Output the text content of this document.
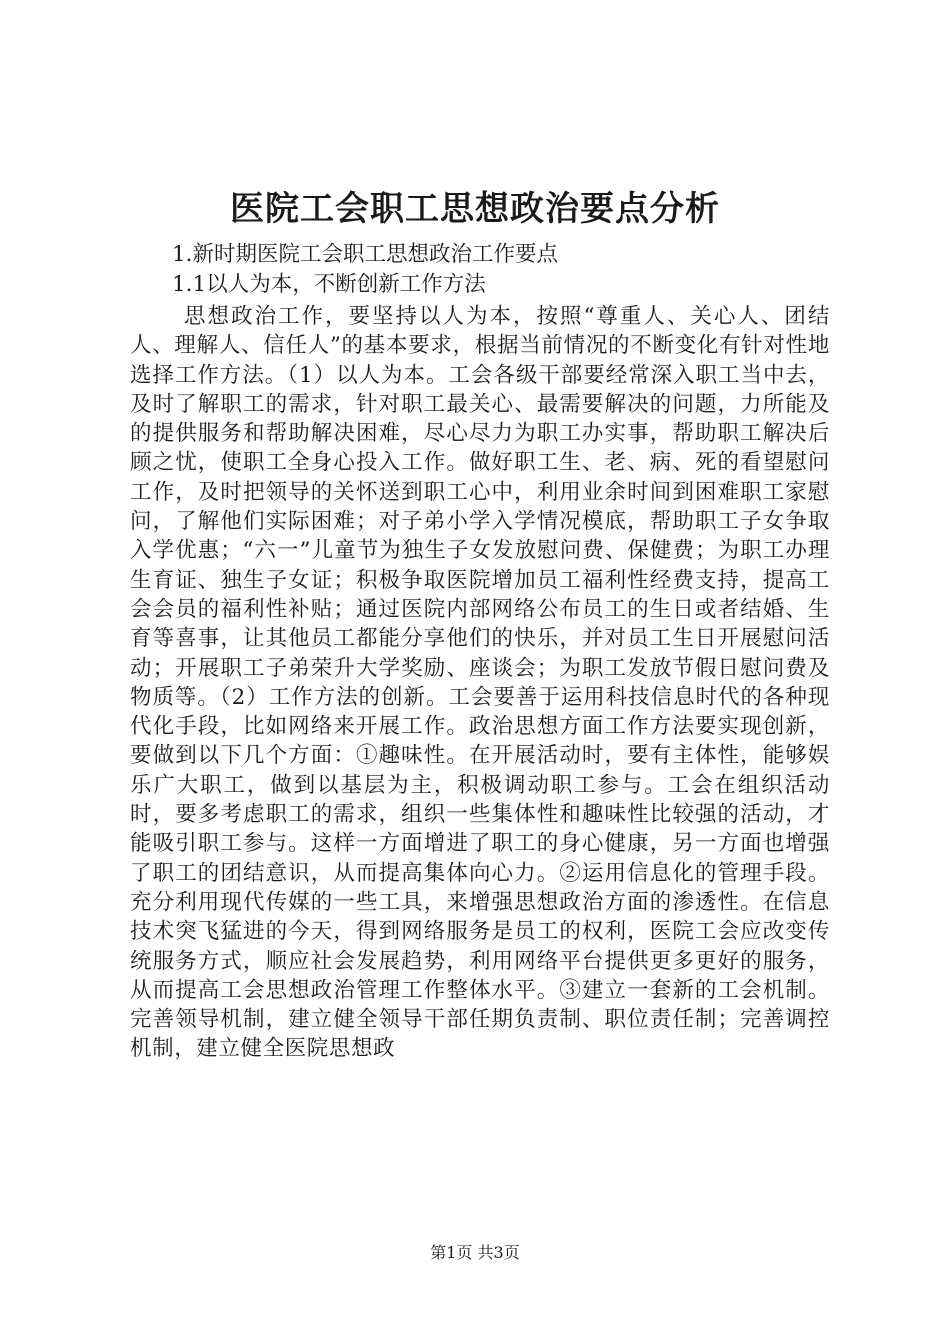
医院工会职工思想政治要点分析
1.新时期医院工会职工思想政治工作要点
1.1以人为本，不断创新工作方法
思想政治工作，要坚持以人为本，按照“尊重人、关心人、团结人、理解人、信任人”的基本要求，根据当前情况的不断变化有针对性地选择工作方法。（1）以人为本。工会各级干部要经常深入职工当中去，及时了解职工的需求，针对职工最关心、最需要解决的问题，力所能及的提供服务和帮助解决困难，尽心尽力为职工办实事，帮助职工解决后顾之忧，使职工全身心投入工作。做好职工生、老、病、死的看望慰问工作，及时把领导的关怀送到职工心中，利用业余时间到困难职工家慰问，了解他们实际困难；对子弟小学入学情况模底，帮助职工子女争取入学优惠；“六一”儿童节为独生子女发放慰问费、保健费；为职工办理生育证、独生子女证；积极争取医院增加员工福利性经费支持，提高工会会员的福利性补贴；通过医院内部网络公布员工的生日或者结婚、生育等喜事，让其他员工都能分享他们的快乐，并对员工生日开展慰问活动；开展职工子弟荣升大学奖励、座谈会；为职工发放节假日慰问费及物质等。（2）工作方法的创新。工会要善于运用科技信息时代的各种现代化手段，比如网络来开展工作。政治思想方面工作方法要实现创新，要做到以下几个方面：①趣味性。在开展活动时，要有主体性，能够娱乐广大职工，做到以基层为主，积极调动职工参与。工会在组织活动时，要多考虑职工的需求，组织一些集体性和趣味性比较强的活动，才能吸引职工参与。这样一方面增进了职工的身心健康，另一方面也增强了职工的团结意识，从而提高集体向心力。②运用信息化的管理手段。充分利用现代传媒的一些工具，来增强思想政治方面的渗透性。在信息技术突飞猛进的今天，得到网络服务是员工的权利，医院工会应改变传统服务方式，顺应社会发展趋势，利用网络平台提供更多更好的服务，从而提高工会思想政治管理工作整体水平。③建立一套新的工会机制。完善领导机制，建立健全领导干部任期负责制、职位责任制；完善调控机制，建立健全医院思想政
第1页 共3页
